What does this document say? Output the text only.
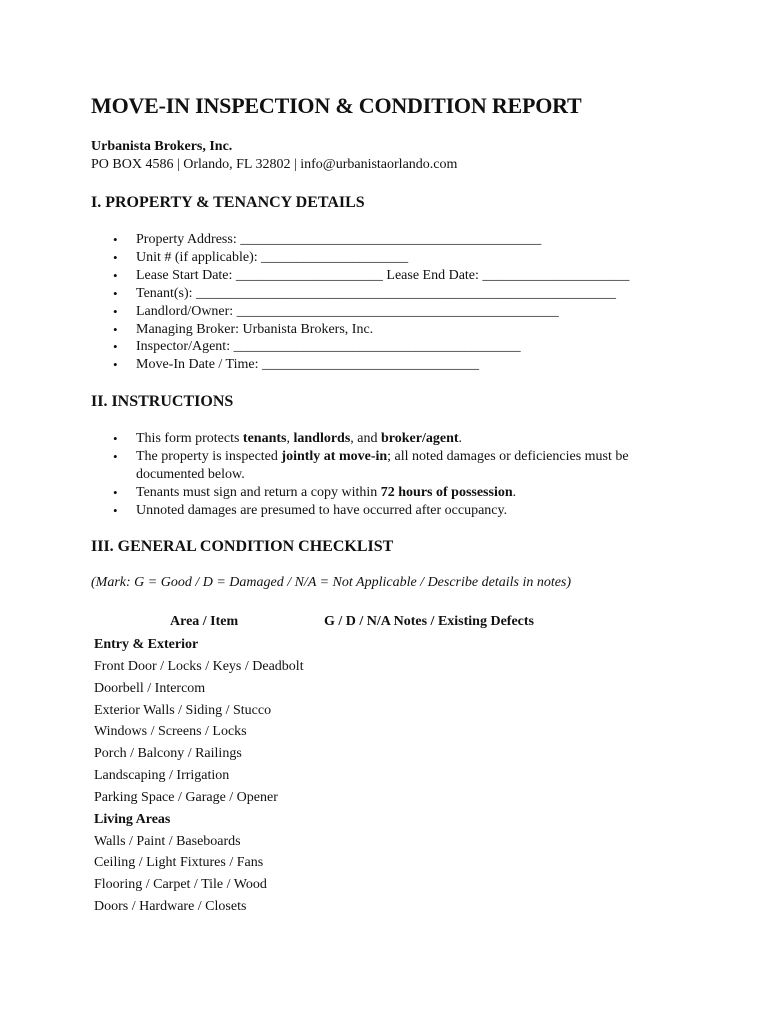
MOVE-IN INSPECTION & CONDITION REPORT
Urbanista Brokers, Inc.
PO BOX 4586 | Orlando, FL 32802 | info@urbanistaorlando.com
I. PROPERTY & TENANCY DETAILS
• Property Address: ___________________________________________
• Unit # (if applicable): _____________________
• Lease Start Date: _____________________ Lease End Date: _____________________
• Tenant(s): ____________________________________________________________
• Landlord/Owner: ______________________________________________
• Managing Broker: Urbanista Brokers, Inc.
• Inspector/Agent: _________________________________________
• Move-In Date / Time: _______________________________
II. INSTRUCTIONS
• This form protects tenants, landlords, and broker/agent.
• The property is inspected jointly at move-in; all noted damages or deficiencies must be documented below.
• Tenants must sign and return a copy within 72 hours of possession.
• Unnoted damages are presumed to have occurred after occupancy.
III. GENERAL CONDITION CHECKLIST
(Mark: G = Good / D = Damaged / N/A = Not Applicable / Describe details in notes)
Area / Item	G / D / N/A Notes / Existing Defects
Entry & Exterior
Front Door / Locks / Keys / Deadbolt
Doorbell / Intercom
Exterior Walls / Siding / Stucco
Windows / Screens / Locks
Porch / Balcony / Railings
Landscaping / Irrigation
Parking Space / Garage / Opener
Living Areas
Walls / Paint / Baseboards
Ceiling / Light Fixtures / Fans
Flooring / Carpet / Tile / Wood
Doors / Hardware / Closets
